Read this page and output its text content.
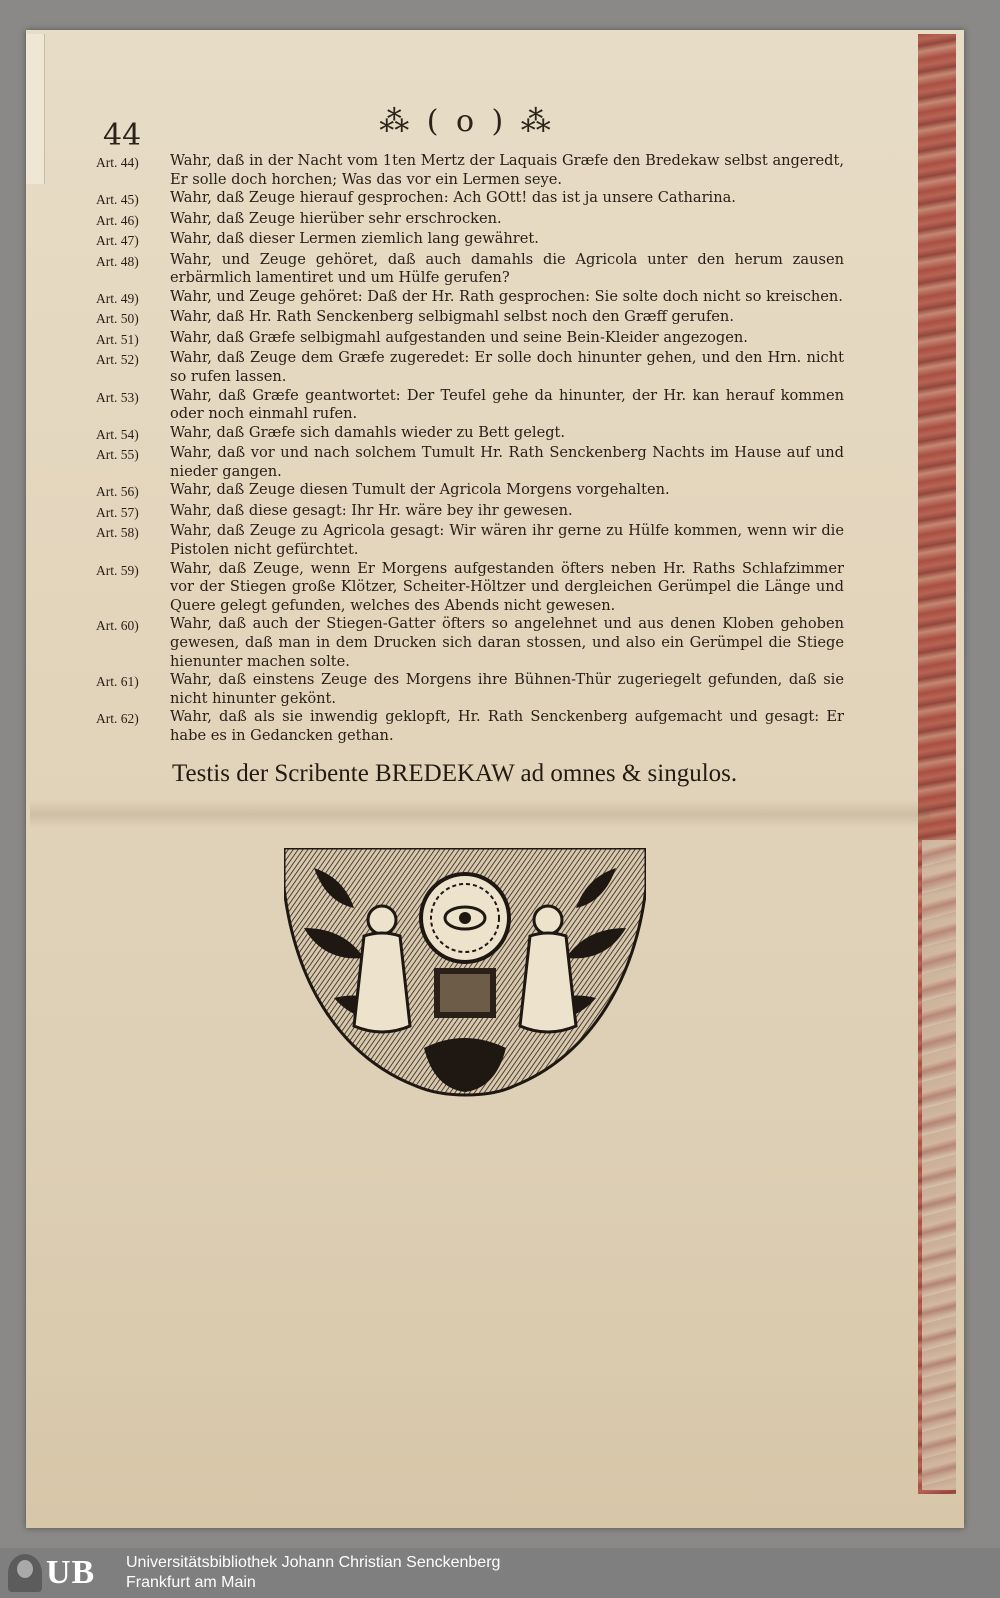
44	⁂ ( o ) ⁂
Art. 44)	Wahr, daß in der Nacht vom 1ten Mertz der Laquais Græfe den Bredekaw selbst angeredt, Er solle doch horchen; Was das vor ein Lermen seye.
Art. 45)	Wahr, daß Zeuge hierauf gesprochen: Ach GOtt! das ist ja unsere Catharina.
Art. 46)	Wahr, daß Zeuge hierüber sehr erschrocken.
Art. 47)	Wahr, daß dieser Lermen ziemlich lang gewähret.
Art. 48)	Wahr, und Zeuge gehöret, daß auch damahls die Agricola unter den herum zausen erbärmlich lamentiret und um Hülfe gerufen?
Art. 49)	Wahr, und Zeuge gehöret: Daß der Hr. Rath gesprochen: Sie solte doch nicht so kreischen.
Art. 50)	Wahr, daß Hr. Rath Senckenberg selbigmahl selbst noch den Græff gerufen.
Art. 51)	Wahr, daß Græfe selbigmahl aufgestanden und seine Bein-Kleider angezogen.
Art. 52)	Wahr, daß Zeuge dem Græfe zugeredet: Er solle doch hinunter gehen, und den Hrn. nicht so rufen lassen.
Art. 53)	Wahr, daß Græfe geantwortet: Der Teufel gehe da hinunter, der Hr. kan herauf kommen oder noch einmahl rufen.
Art. 54)	Wahr, daß Græfe sich damahls wieder zu Bett gelegt.
Art. 55)	Wahr, daß vor und nach solchem Tumult Hr. Rath Senckenberg Nachts im Hause auf und nieder gangen.
Art. 56)	Wahr, daß Zeuge diesen Tumult der Agricola Morgens vorgehalten.
Art. 57)	Wahr, daß diese gesagt: Ihr Hr. wäre bey ihr gewesen.
Art. 58)	Wahr, daß Zeuge zu Agricola gesagt: Wir wären ihr gerne zu Hülfe kommen, wenn wir die Pistolen nicht gefürchtet.
Art. 59)	Wahr, daß Zeuge, wenn Er Morgens aufgestanden öfters neben Hr. Raths Schlafzimmer vor der Stiegen große Klötzer, Scheiter-Höltzer und dergleichen Gerümpel die Länge und Quere gelegt gefunden, welches des Abends nicht gewesen.
Art. 60)	Wahr, daß auch der Stiegen-Gatter öfters so angelehnet und aus denen Kloben gehoben gewesen, daß man in dem Drucken sich daran stossen, und also ein Gerümpel die Stiege hienunter machen solte.
Art. 61)	Wahr, daß einstens Zeuge des Morgens ihre Bühnen-Thür zugeriegelt gefunden, daß sie nicht hinunter gekönt.
Art. 62)	Wahr, daß als sie inwendig geklopft, Hr. Rath Senckenberg aufgemacht und gesagt: Er habe es in Gedancken gethan.
Testis der Scribente BREDEKAW ad omnes & singulos.
UB Universitätsbibliothek Johann Christian Senckenberg
Frankfurt am Main
